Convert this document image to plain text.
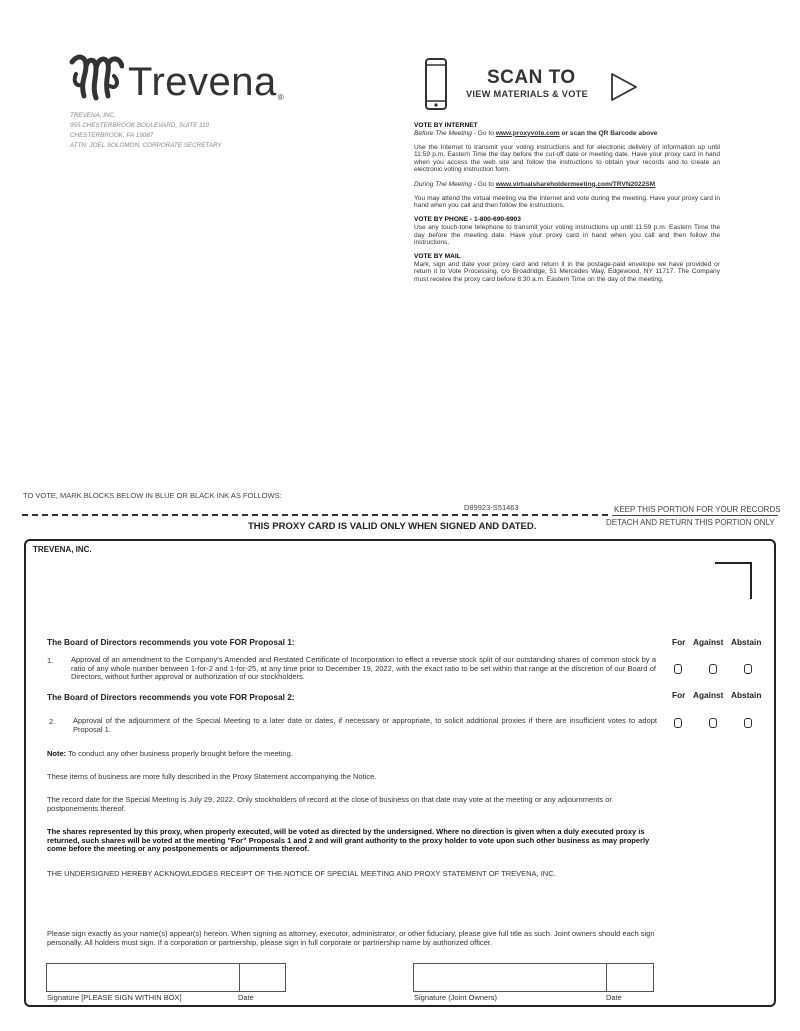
Trevena ®
TREVENA, INC.
955 CHESTERBROOK BOULEVARD, SUITE 110
CHESTERBROOK, PA 19087
ATTN: JOEL SOLOMON, CORPORATE SECRETARY
SCAN TO
VIEW MATERIALS & VOTE
VOTE BY INTERNET

Before The Meeting - Go to www.proxyvote.com or scan the QR Barcode above

Use the Internet to transmit your voting instructions and for electronic delivery of information up until 11:59 p.m. Eastern Time the day before the cut-off date or meeting date. Have your proxy card in hand when you access the web site and follow the instructions to obtain your records and to create an electronic voting instruction form.

During The Meeting - Go to www.virtualshareholdermeeting.com/TRVN2022SM

You may attend the virtual meeting via the Internet and vote during the meeting. Have your proxy card in hand when you call and then follow the instructions.

VOTE BY PHONE - 1-800-690-6903

Use any touch-tone telephone to transmit your voting instructions up until 11:59 p.m. Eastern Time the day before the meeting date. Have your proxy card in hand when you call and then follow the instructions.

VOTE BY MAIL

Mark, sign and date your proxy card and return it in the postage-paid envelope we have provided or return it to Vote Processing, c/o Broadridge, 51 Mercedes Way, Edgewood, NY 11717. The Company must receive the proxy card before 8:30 a.m. Eastern Time on the day of the meeting.

TO VOTE, MARK BLOCKS BELOW IN BLUE OR BLACK INK AS FOLLOWS:
D89923-S51463	KEEP THIS PORTION FOR YOUR RECORDS
DETACH AND RETURN THIS PORTION ONLY
THIS PROXY CARD IS VALID ONLY WHEN SIGNED AND DATED.
TREVENA, INC.
The Board of Directors recommends you vote FOR Proposal 1:	For Against Abstain
1. Approval of an amendment to the Company's Amended and Restated Certificate of Incorporation to effect a reverse stock split of our outstanding shares of common stock by a ratio of any whole number between 1-for-2 and 1-for-25, at any time prior to December 19, 2022, with the exact ratio to be set within that range at the discretion of our Board of Directors, without further approval or authorization of our stockholders.
The Board of Directors recommends you vote FOR Proposal 2:	For Against Abstain
2. Approval of the adjournment of the Special Meeting to a later date or dates, if necessary or appropriate, to solicit additional proxies if there are insufficient votes to adopt Proposal 1.
Note: To conduct any other business properly brought before the meeting.
These items of business are more fully described in the Proxy Statement accompanying the Notice.
The record date for the Special Meeting is July 29, 2022. Only stockholders of record at the close of business on that date may vote at the meeting or any adjournments or postponements thereof.
The shares represented by this proxy, when properly executed, will be voted as directed by the undersigned. Where no direction is given when a duly executed proxy is returned, such shares will be voted at the meeting "For" Proposals 1 and 2 and will grant authority to the proxy holder to vote upon such other business as may properly come before the meeting or any postponements or adjournments thereof.
THE UNDERSIGNED HEREBY ACKNOWLEDGES RECEIPT OF THE NOTICE OF SPECIAL MEETING AND PROXY STATEMENT OF TREVENA, INC.
Please sign exactly as your name(s) appear(s) hereon. When signing as attorney, executor, administrator, or other fiduciary, please give full title as such. Joint owners should each sign personally. All holders must sign. If a corporation or partnership, please sign in full corporate or partnership name by authorized officer.
Signature [PLEASE SIGN WITHIN BOX]	Date	Signature (Joint Owners)	Date
